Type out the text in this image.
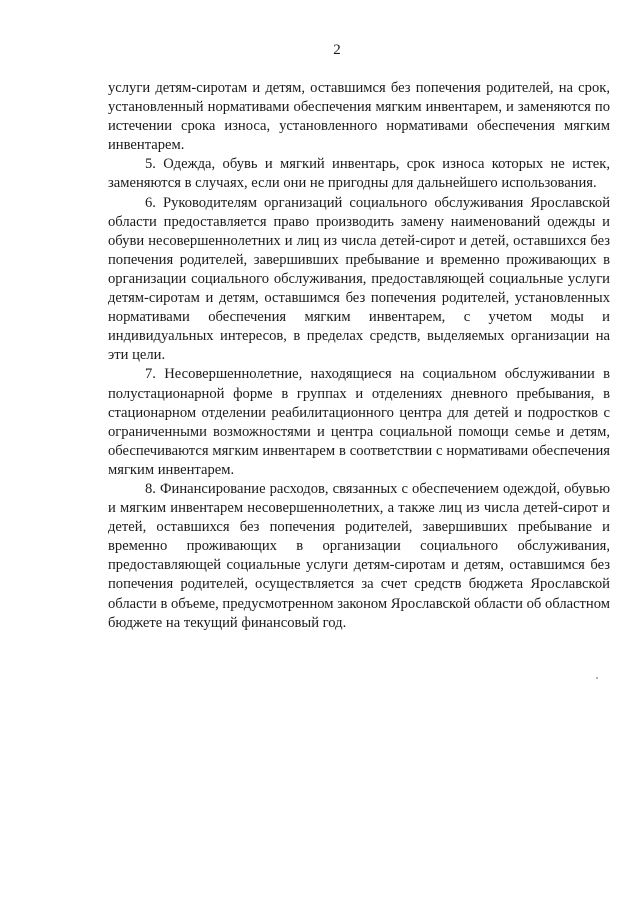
2

услуги детям-сиротам и детям, оставшимся без попечения родителей, на срок, установленный нормативами обеспечения мягким инвентарем, и заменяются по истечении срока износа, установленного нормативами обеспечения мягким инвентарем.

5. Одежда, обувь и мягкий инвентарь, срок износа которых не истек, заменяются в случаях, если они не пригодны для дальнейшего использования.

6. Руководителям организаций социального обслуживания Ярославской области предоставляется право производить замену наименований одежды и обуви несовершеннолетних и лиц из числа детей-сирот и детей, оставшихся без попечения родителей, завершивших пребывание и временно проживающих в организации социального обслуживания, предоставляющей социальные услуги детям-сиротам и детям, оставшимся без попечения родителей, установленных нормативами обеспечения мягким инвентарем, с учетом моды и индивидуальных интересов, в пределах средств, выделяемых организации на эти цели.

7. Несовершеннолетние, находящиеся на социальном обслуживании в полустационарной форме в группах и отделениях дневного пребывания, в стационарном отделении реабилитационного центра для детей и подростков с ограниченными возможностями и центра социальной помощи семье и детям, обеспечиваются мягким инвентарем в соответствии с нормативами обеспечения мягким инвентарем.

8. Финансирование расходов, связанных с обеспечением одеждой, обувью и мягким инвентарем несовершеннолетних, а также лиц из числа детей-сирот и детей, оставшихся без попечения родителей, завершивших пребывание и временно проживающих в организации социального обслуживания, предоставляющей социальные услуги детям-сиротам и детям, оставшимся без попечения родителей, осуществляется за счет средств бюджета Ярославской области в объеме, предусмотренном законом Ярославской области об областном бюджете на текущий финансовый год.
